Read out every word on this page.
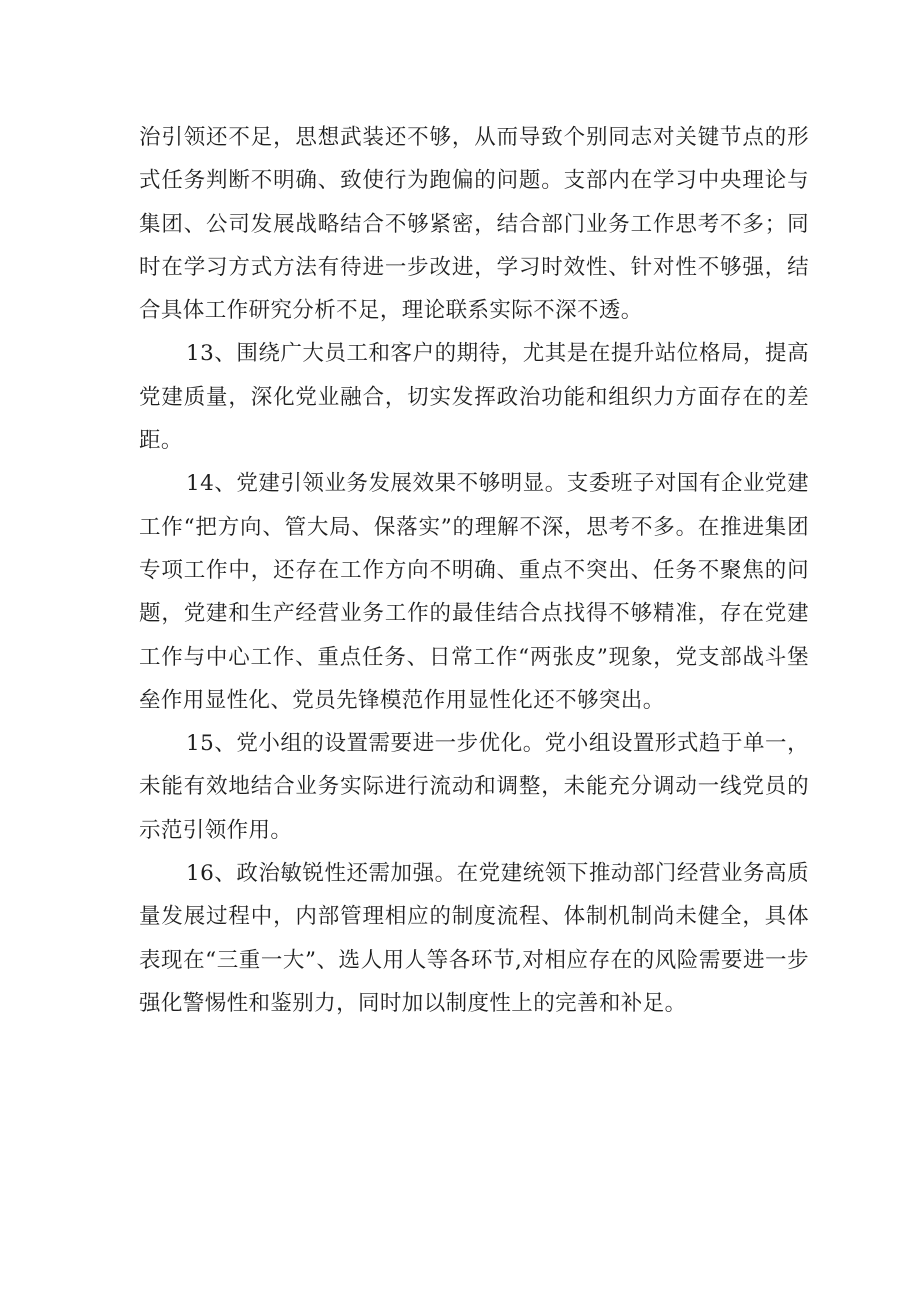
治引领还不足，思想武装还不够，从而导致个别同志对关键节点的形式任务判断不明确、致使行为跑偏的问题。支部内在学习中央理论与集团、公司发展战略结合不够紧密，结合部门业务工作思考不多；同时在学习方式方法有待进一步改进，学习时效性、针对性不够强，结合具体工作研究分析不足，理论联系实际不深不透。

13、围绕广大员工和客户的期待，尤其是在提升站位格局，提高党建质量，深化党业融合，切实发挥政治功能和组织力方面存在的差距。

14、党建引领业务发展效果不够明显。支委班子对国有企业党建工作“把方向、管大局、保落实”的理解不深，思考不多。在推进集团专项工作中，还存在工作方向不明确、重点不突出、任务不聚焦的问题，党建和生产经营业务工作的最佳结合点找得不够精准，存在党建工作与中心工作、重点任务、日常工作“两张皮”现象，党支部战斗堡垒作用显性化、党员先锋模范作用显性化还不够突出。

15、党小组的设置需要进一步优化。党小组设置形式趋于单一，未能有效地结合业务实际进行流动和调整，未能充分调动一线党员的示范引领作用。

16、政治敏锐性还需加强。在党建统领下推动部门经营业务高质量发展过程中，内部管理相应的制度流程、体制机制尚未健全，具体表现在“三重一大”、选人用人等各环节,对相应存在的风险需要进一步强化警惕性和鉴别力，同时加以制度性上的完善和补足。
